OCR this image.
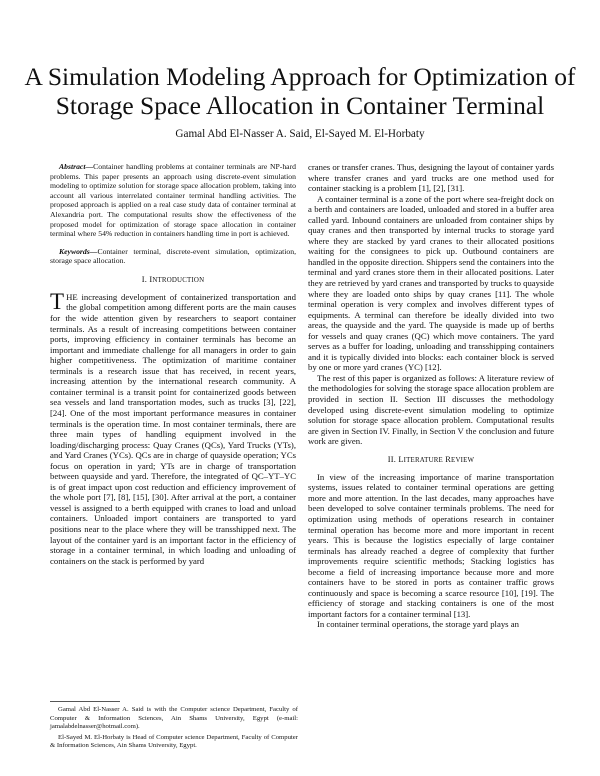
A Simulation Modeling Approach for Optimization of
Storage Space Allocation in Container Terminal

Gamal Abd El-Nasser A. Said, El-Sayed M. El-Horbaty

Abstract—Container handling problems at container terminals are NP-hard problems. This paper presents an approach using discrete-event simulation modeling to optimize solution for storage space allocation problem, taking into account all various interrelated container terminal handling activities. The proposed approach is applied on a real case study data of container terminal at Alexandria port. The computational results show the effectiveness of the proposed model for optimization of storage space allocation in container terminal where 54% reduction in containers handling time in port is achieved.

Keywords—Container terminal, discrete-event simulation, optimization, storage space allocation.

I. INTRODUCTION

THE increasing development of containerized transportation and the global competition among different ports are the main causes for the wide attention given by researchers to seaport container terminals. As a result of increasing competitions between container ports, improving efficiency in container terminals has become an important and immediate challenge for all managers in order to gain higher competitiveness. The optimization of maritime container terminals is a research issue that has received, in recent years, increasing attention by the international research community. A container terminal is a transit point for containerized goods between sea vessels and land transportation modes, such as trucks [3], [22], [24]. One of the most important performance measures in container terminals is the operation time. In most container terminals, there are three main types of handling equipment involved in the loading/discharging process: Quay Cranes (QCs), Yard Trucks (YTs), and Yard Cranes (YCs). QCs are in charge of quayside operation; YCs focus on operation in yard; YTs are in charge of transportation between quayside and yard. Therefore, the integrated of QC–YT–YC is of great impact upon cost reduction and efficiency improvement of the whole port [7], [8], [15], [30]. After arrival at the port, a container vessel is assigned to a berth equipped with cranes to load and unload containers. Unloaded import containers are transported to yard positions near to the place where they will be transshipped next. The layout of the container yard is an important factor in the efficiency of storage in a container terminal, in which loading and unloading of containers on the stack is performed by yard

Gamal Abd El-Nasser A. Said is with the Computer science Department, Faculty of Computer & Information Sciences, Ain Shams University, Egypt (e-mail: jamalabdelnasser@hotmail.com).

El-Sayed M. El-Horbaty is Head of Computer science Department, Faculty of Computer & Information Sciences, Ain Shams University, Egypt.

cranes or transfer cranes. Thus, designing the layout of container yards where transfer cranes and yard trucks are one method used for container stacking is a problem [1], [2], [31].

A container terminal is a zone of the port where sea-freight dock on a berth and containers are loaded, unloaded and stored in a buffer area called yard. Inbound containers are unloaded from container ships by quay cranes and then transported by internal trucks to storage yard where they are stacked by yard cranes to their allocated positions waiting for the consignees to pick up. Outbound containers are handled in the opposite direction. Shippers send the containers into the terminal and yard cranes store them in their allocated positions. Later they are retrieved by yard cranes and transported by trucks to quayside where they are loaded onto ships by quay cranes [11]. The whole terminal operation is very complex and involves different types of equipments. A terminal can therefore be ideally divided into two areas, the quayside and the yard. The quayside is made up of berths for vessels and quay cranes (QC) which move containers. The yard serves as a buffer for loading, unloading and transshipping containers and it is typically divided into blocks: each container block is served by one or more yard cranes (YC) [12].

The rest of this paper is organized as follows: A literature review of the methodologies for solving the storage space allocation problem are provided in section II. Section III discusses the methodology developed using discrete-event simulation modeling to optimize solution for storage space allocation problem. Computational results are given in Section IV. Finally, in Section V the conclusion and future work are given.

II. LITERATURE REVIEW

In view of the increasing importance of marine transportation systems, issues related to container terminal operations are getting more and more attention. In the last decades, many approaches have been developed to solve container terminals problems. The need for optimization using methods of operations research in container terminal operation has become more and more important in recent years. This is because the logistics especially of large container terminals has already reached a degree of complexity that further improvements require scientific methods; Stacking logistics has become a field of increasing importance because more and more containers have to be stored in ports as container traffic grows continuously and space is becoming a scarce resource [10], [19]. The efficiency of storage and stacking containers is one of the most important factors for a container terminal [13].

In container terminal operations, the storage yard plays an
